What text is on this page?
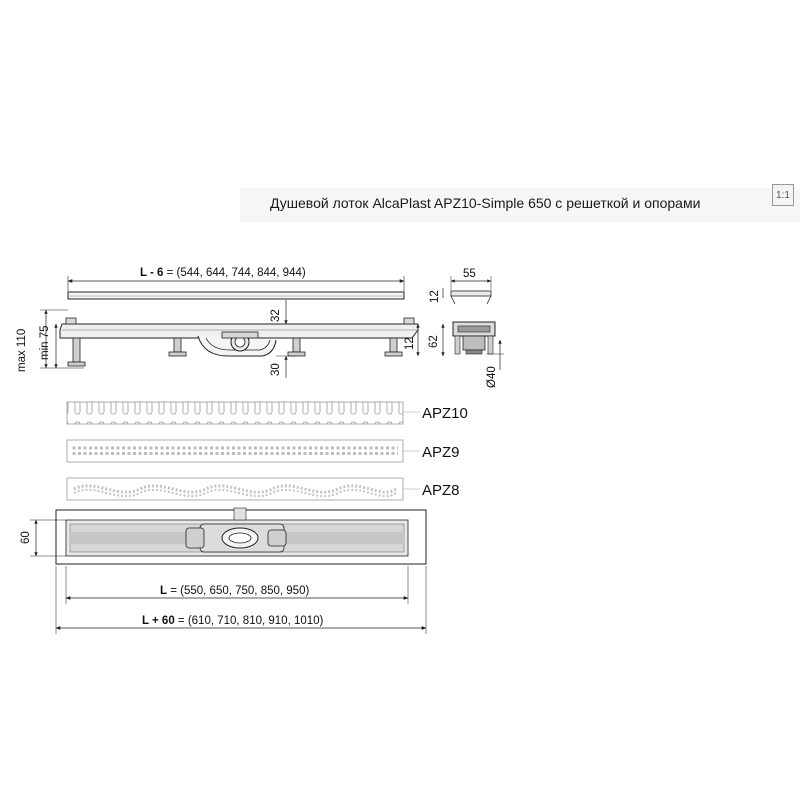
Душевой лоток AlcaPlast APZ10-Simple 650 с решеткой и опорами	1:1
L - 6 = (544, 644, 744, 844, 944)
max 110 min 75
32
30
12
55
12
62
Ø40
APZ10
APZ9
APZ8
60
L = (550, 650, 750, 850, 950)
L + 60 = (610, 710, 810, 910, 1010)
